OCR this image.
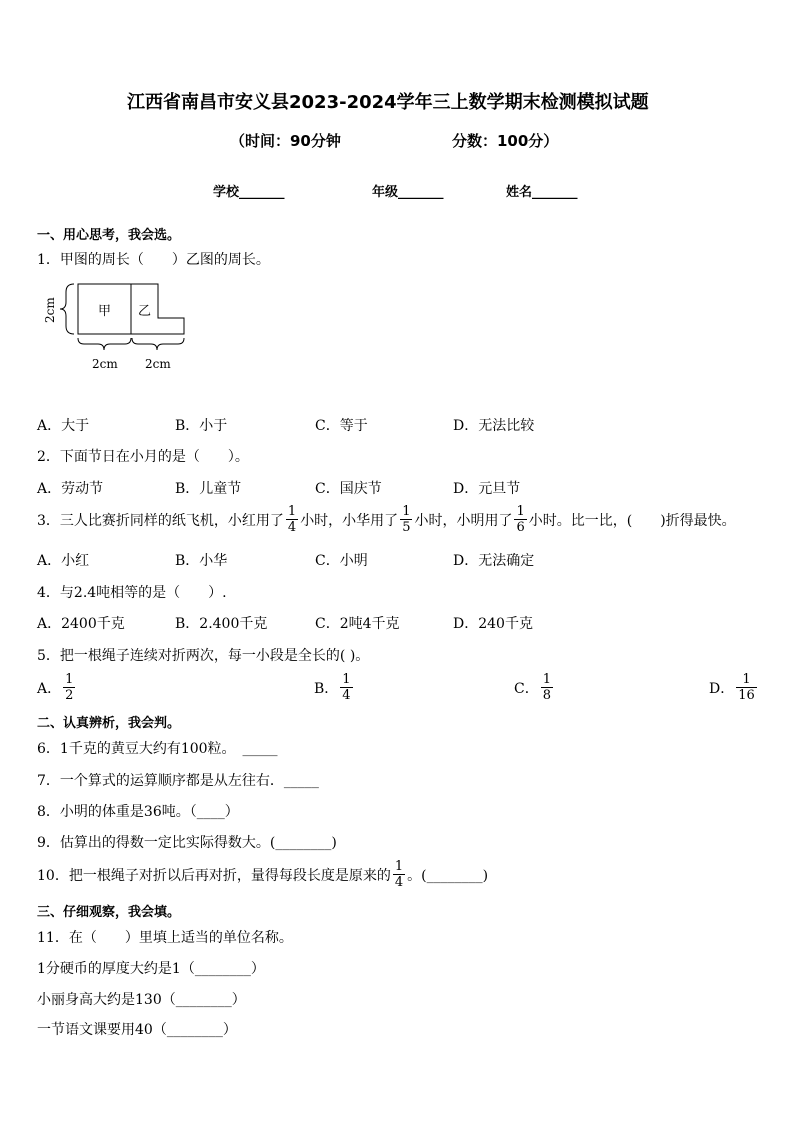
江西省南昌市安义县2023-2024学年三上数学期末检测模拟试题
（时间：90分钟	分数：100分）
学校_______	年级_______	姓名_______
一、用心思考，我会选。
1．甲图的周长（　　）乙图的周长。
甲 乙
2cm
2cm 2cm
A．大于	B．小于	C．等于	D．无法比较
2．下面节日在小月的是（　　）。
A．劳动节	B．儿童节	C．国庆节	D．元旦节
3．三人比赛折同样的纸飞机，小红用了 $\frac{1}{4}$ 小时，小华用了 $\frac{1}{5}$ 小时，小明用了 $\frac{1}{6}$ 小时。比一比，(　　)折得最快。
A．小红	B．小华	C．小明	D．无法确定
4．与2.4吨相等的是（　　）.
A．2400千克	B．2.400千克	C．2吨4千克	D．240千克
5．把一根绳子连续对折两次，每一小段是全长的( )。
A． $\frac{1}{2}$	B． $\frac{1}{4}$	C． $\frac{1}{8}$	D． $\frac{1}{16}$
二、认真辨析，我会判。
6．1千克的黄豆大约有100粒。　_____
7．一个算式的运算顺序都是从左往右．_____
8．小明的体重是36吨。（____）
9．估算出的得数一定比实际得数大。(________)
10．把一根绳子对折以后再对折，量得每段长度是原来的 $\frac{1}{4}$ 。(________)
三、仔细观察，我会填。
11．在（　　）里填上适当的单位名称。
1分硬币的厚度大约是1（________）
小丽身高大约是130（________）
一节语文课要用40（________）
